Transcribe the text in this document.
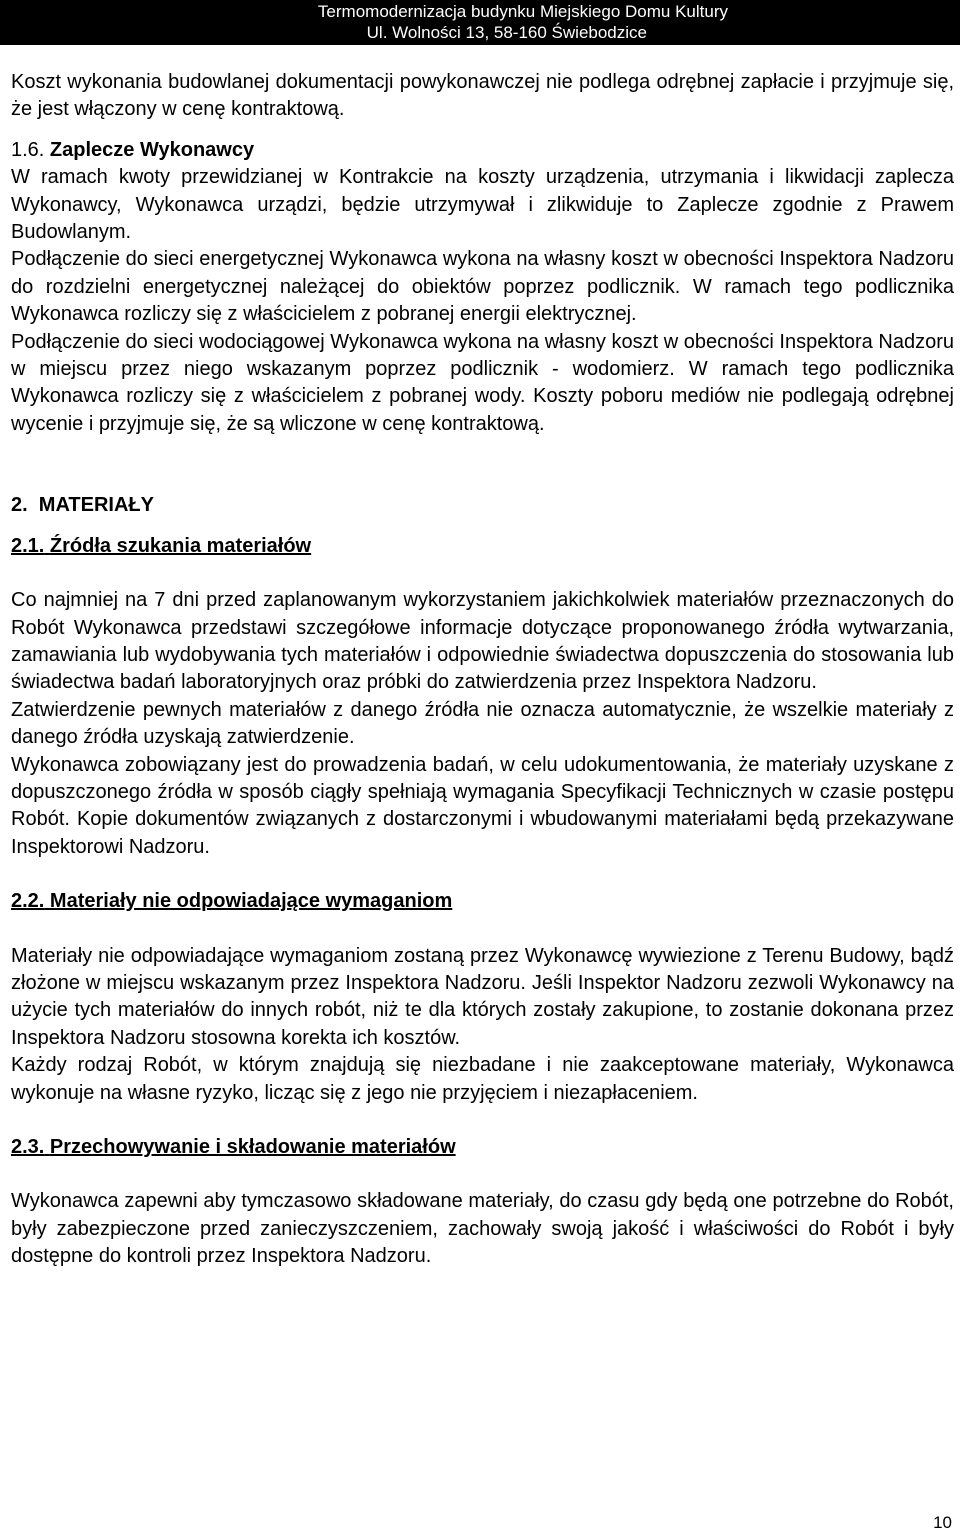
Termomodernizacja budynku Miejskiego Domu Kultury
Ul. Wolności 13, 58-160 Świebodzice

Koszt wykonania budowlanej dokumentacji powykonawczej nie podlega odrębnej zapłacie i przyjmuje się, że jest włączony w cenę kontraktową.

1.6. Zaplecze Wykonawcy

W ramach kwoty przewidzianej w Kontrakcie na koszty urządzenia, utrzymania i likwidacji zaplecza Wykonawcy, Wykonawca urządzi, będzie utrzymywał i zlikwiduje to Zaplecze zgodnie z Prawem Budowlanym.

Podłączenie do sieci energetycznej Wykonawca wykona na własny koszt w obecności Inspektora Nadzoru do rozdzielni energetycznej należącej do obiektów poprzez podlicznik. W ramach tego podlicznika Wykonawca rozliczy się z właścicielem z pobranej energii elektrycznej.

Podłączenie do sieci wodociągowej Wykonawca wykona na własny koszt w obecności Inspektora Nadzoru w miejscu przez niego wskazanym poprzez podlicznik - wodomierz. W ramach tego podlicznika Wykonawca rozliczy się z właścicielem z pobranej wody. Koszty poboru mediów nie podlegają odrębnej wycenie i przyjmuje się, że są wliczone w cenę kontraktową.

2.  MATERIAŁY

2.1. Źródła szukania materiałów

Co najmniej na 7 dni przed zaplanowanym wykorzystaniem jakichkolwiek materiałów przeznaczonych do Robót Wykonawca przedstawi szczegółowe informacje dotyczące proponowanego źródła wytwarzania, zamawiania lub wydobywania tych materiałów i odpowiednie świadectwa dopuszczenia do stosowania lub świadectwa badań laboratoryjnych oraz próbki do zatwierdzenia przez Inspektora Nadzoru.

Zatwierdzenie pewnych materiałów z danego źródła nie oznacza automatycznie, że wszelkie materiały z danego źródła uzyskają zatwierdzenie.

Wykonawca zobowiązany jest do prowadzenia badań, w celu udokumentowania, że materiały uzyskane z dopuszczonego źródła w sposób ciągły spełniają wymagania Specyfikacji Technicznych w czasie postępu Robót. Kopie dokumentów związanych z dostarczonymi i wbudowanymi materiałami będą przekazywane Inspektorowi Nadzoru.

2.2. Materiały nie odpowiadające wymaganiom

Materiały nie odpowiadające wymaganiom zostaną przez Wykonawcę wywiezione z Terenu Budowy, bądź złożone w miejscu wskazanym przez Inspektora Nadzoru. Jeśli Inspektor Nadzoru zezwoli Wykonawcy na użycie tych materiałów do innych robót, niż te dla których zostały zakupione, to zostanie dokonana przez Inspektora Nadzoru stosowna korekta ich kosztów.

Każdy rodzaj Robót, w którym znajdują się niezbadane i nie zaakceptowane materiały, Wykonawca wykonuje na własne ryzyko, licząc się z jego nie przyjęciem i niezapłaceniem.

2.3. Przechowywanie i składowanie materiałów

Wykonawca zapewni aby tymczasowo składowane materiały, do czasu gdy będą one potrzebne do Robót, były zabezpieczone przed zanieczyszczeniem, zachowały swoją jakość i właściwości do Robót i były dostępne do kontroli przez Inspektora Nadzoru.

10
